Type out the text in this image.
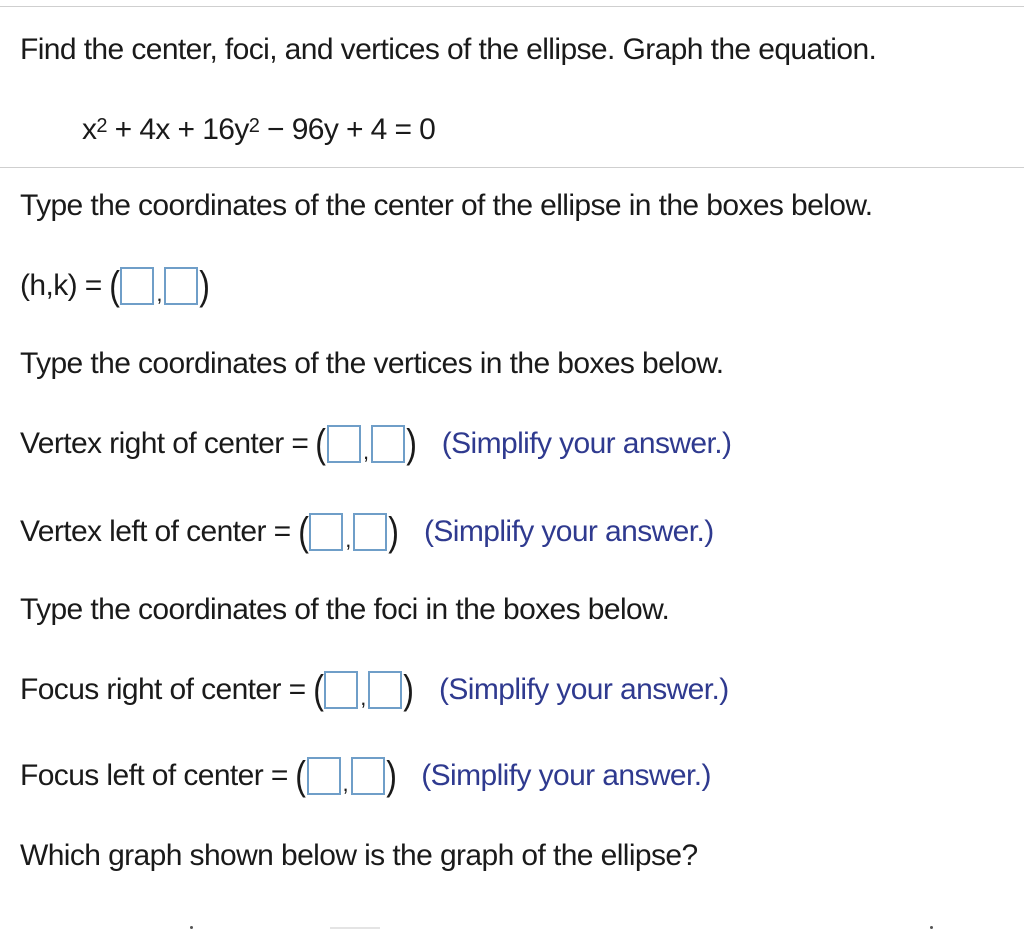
Find the center, foci, and vertices of the ellipse. Graph the equation.
$x^2 + 4x + 16y^2 - 96y + 4 = 0$
Type the coordinates of the center of the ellipse in the boxes below.
(h,k) = ( , )
Type the coordinates of the vertices in the boxes below.
Vertex right of center = ( , ) (Simplify your answer.)
Vertex left of center = ( , ) (Simplify your answer.)
Type the coordinates of the foci in the boxes below.
Focus right of center = ( , ) (Simplify your answer.)
Focus left of center = ( , ) (Simplify your answer.)
Which graph shown below is the graph of the ellipse?
